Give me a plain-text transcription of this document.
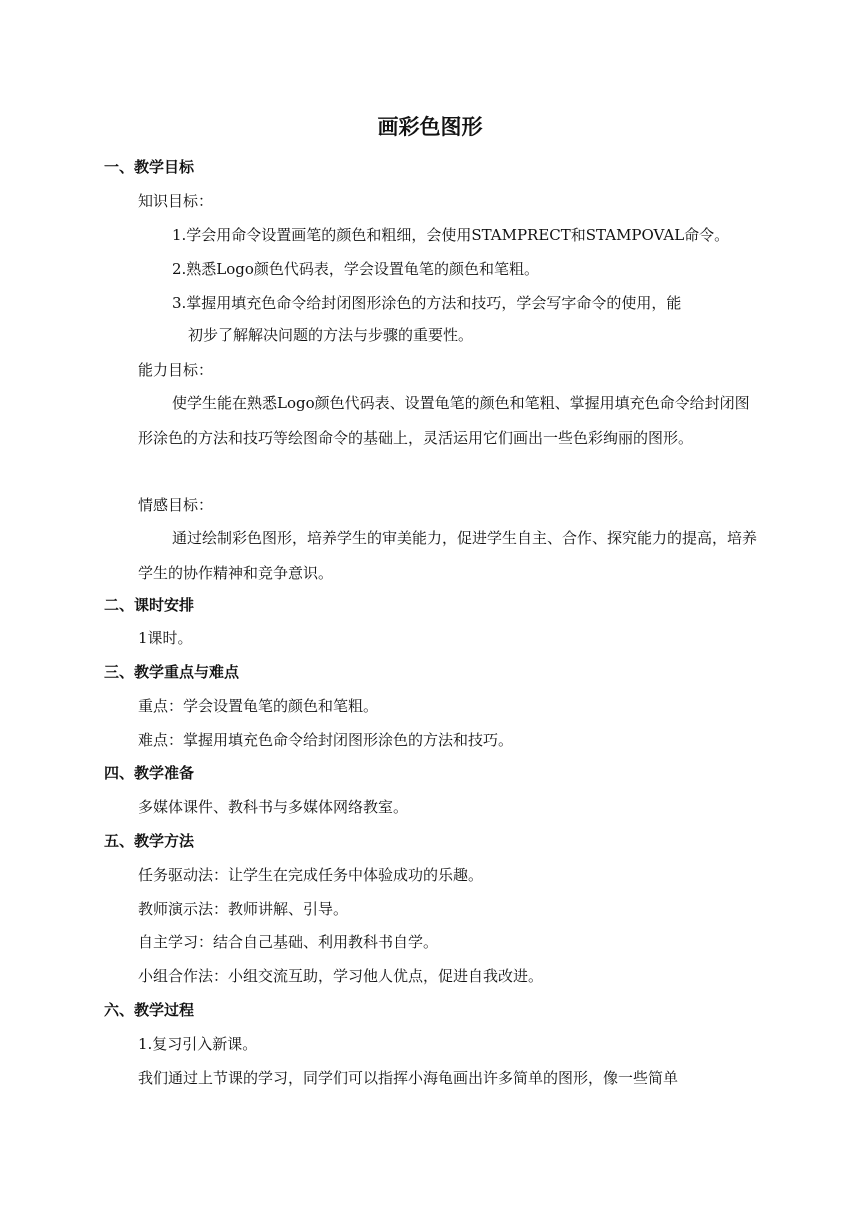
画彩色图形
一、教学目标
知识目标：
1.学会用命令设置画笔的颜色和粗细，会使用STAMPRECT和STAMPOVAL命令。
2.熟悉Logo颜色代码表，学会设置龟笔的颜色和笔粗。
3.掌握用填充色命令给封闭图形涂色的方法和技巧，学会写字命令的使用，能
初步了解解决问题的方法与步骤的重要性。
能力目标：
使学生能在熟悉Logo颜色代码表、设置龟笔的颜色和笔粗、掌握用填充色命令给封闭图形涂色的方法和技巧等绘图命令的基础上，灵活运用它们画出一些色彩绚丽的图形。
情感目标：
通过绘制彩色图形，培养学生的审美能力，促进学生自主、合作、探究能力的提高，培养学生的协作精神和竞争意识。
二、课时安排
1课时。
三、教学重点与难点
重点：学会设置龟笔的颜色和笔粗。
难点：掌握用填充色命令给封闭图形涂色的方法和技巧。
四、教学准备
多媒体课件、教科书与多媒体网络教室。
五、教学方法
任务驱动法：让学生在完成任务中体验成功的乐趣。
教师演示法：教师讲解、引导。
自主学习：结合自己基础、利用教科书自学。
小组合作法：小组交流互助，学习他人优点，促进自我改进。
六、教学过程
1.复习引入新课。
我们通过上节课的学习，同学们可以指挥小海龟画出许多简单的图形，像一些简单
